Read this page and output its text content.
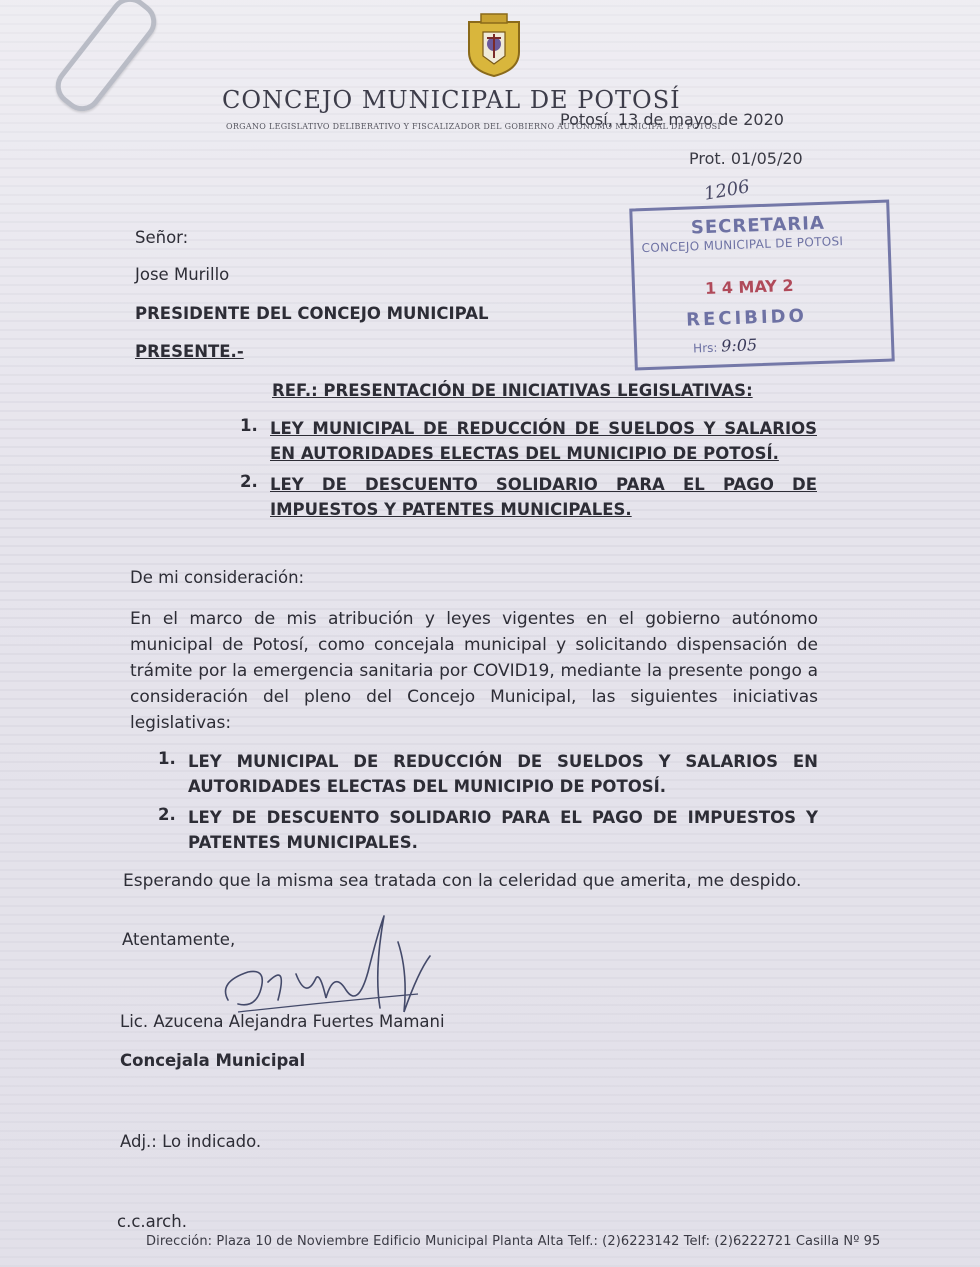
CONCEJO MUNICIPAL DE POTOSÍ
ORGANO LEGISLATIVO DELIBERATIVO Y FISCALIZADOR DEL GOBIERNO AUTÓNOMO MUNICIPAL DE POTOSÍ
Potosí, 13 de mayo de 2020
Prot. 01/05/20
1206
SECRETARIA
CONCEJO MUNICIPAL DE POTOSI
1 4 MAY 2
RECIBIDO
Hrs: 9:05
Señor:
Jose Murillo
PRESIDENTE DEL CONCEJO MUNICIPAL
PRESENTE.-
REF.: PRESENTACIÓN DE INICIATIVAS LEGISLATIVAS:
1. LEY MUNICIPAL DE REDUCCIÓN DE SUELDOS Y SALARIOS EN AUTORIDADES ELECTAS DEL MUNICIPIO DE POTOSÍ.
2. LEY DE DESCUENTO SOLIDARIO PARA EL PAGO DE IMPUESTOS Y PATENTES MUNICIPALES.
De mi consideración:
En el marco de mis atribución y leyes vigentes en el gobierno autónomo municipal de Potosí, como concejala municipal y solicitando dispensación de trámite por la emergencia sanitaria por COVID19, mediante la presente pongo a consideración del pleno del Concejo Municipal, las siguientes iniciativas legislativas:
1. LEY MUNICIPAL DE REDUCCIÓN DE SUELDOS Y SALARIOS EN AUTORIDADES ELECTAS DEL MUNICIPIO DE POTOSÍ.
2. LEY DE DESCUENTO SOLIDARIO PARA EL PAGO DE IMPUESTOS Y PATENTES MUNICIPALES.
Esperando que la misma sea tratada con la celeridad que amerita, me despido.
Atentamente,
Lic. Azucena Alejandra Fuertes Mamani
Concejala Municipal
Adj.: Lo indicado.
c.c.arch.
Dirección: Plaza 10 de Noviembre Edificio Municipal Planta Alta Telf.: (2)6223142 Telf: (2)6222721 Casilla Nº 95
